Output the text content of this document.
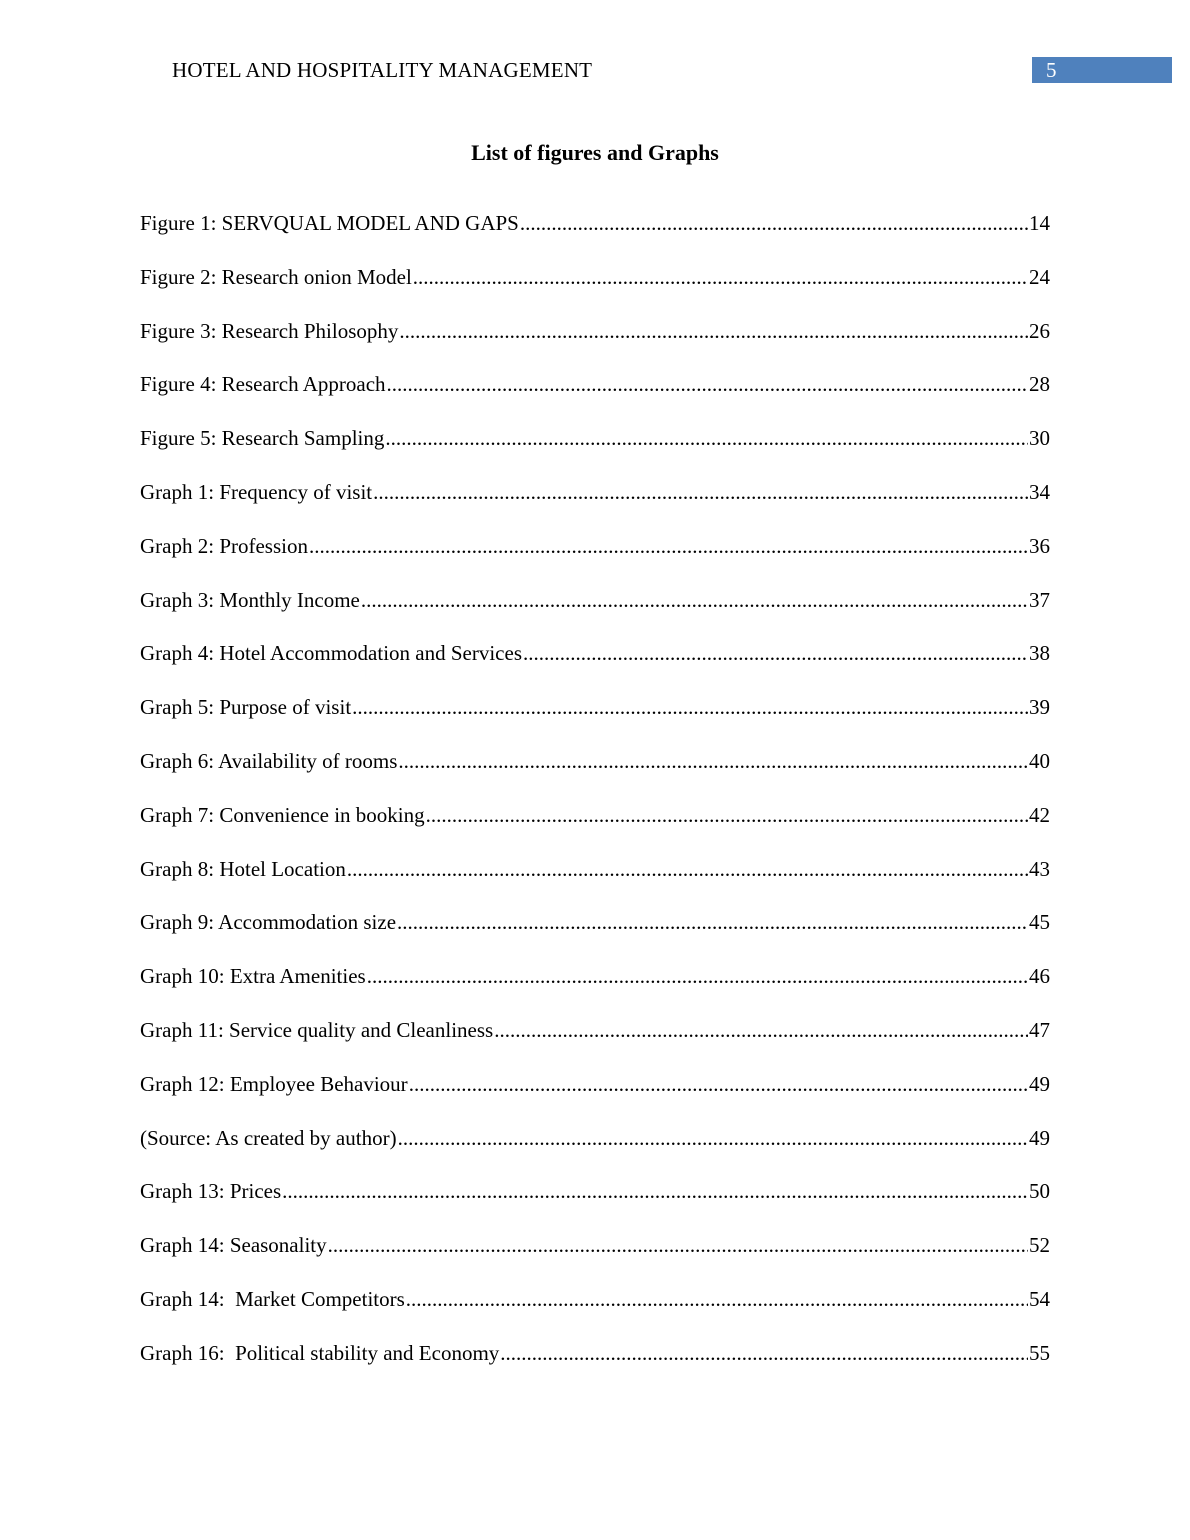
HOTEL AND HOSPITALITY MANAGEMENT	5
List of figures and Graphs
Figure 1: SERVQUAL MODEL AND GAPS .....	14
Figure 2: Research onion Model .....	24
Figure 3: Research Philosophy .....	26
Figure 4: Research Approach .....	28
Figure 5: Research Sampling .....	30
Graph 1: Frequency of visit .....	34
Graph 2: Profession .....	36
Graph 3: Monthly Income .....	37
Graph 4: Hotel Accommodation and Services .....	38
Graph 5: Purpose of visit .....	39
Graph 6: Availability of rooms .....	40
Graph 7: Convenience in booking .....	42
Graph 8: Hotel Location .....	43
Graph 9: Accommodation size .....	45
Graph 10: Extra Amenities .....	46
Graph 11: Service quality and Cleanliness .....	47
Graph 12: Employee Behaviour .....	49
(Source: As created by author) .....	49
Graph 13: Prices .....	50
Graph 14: Seasonality .....	52
Graph 14:  Market Competitors .....	54
Graph 16:  Political stability and Economy .....	55
